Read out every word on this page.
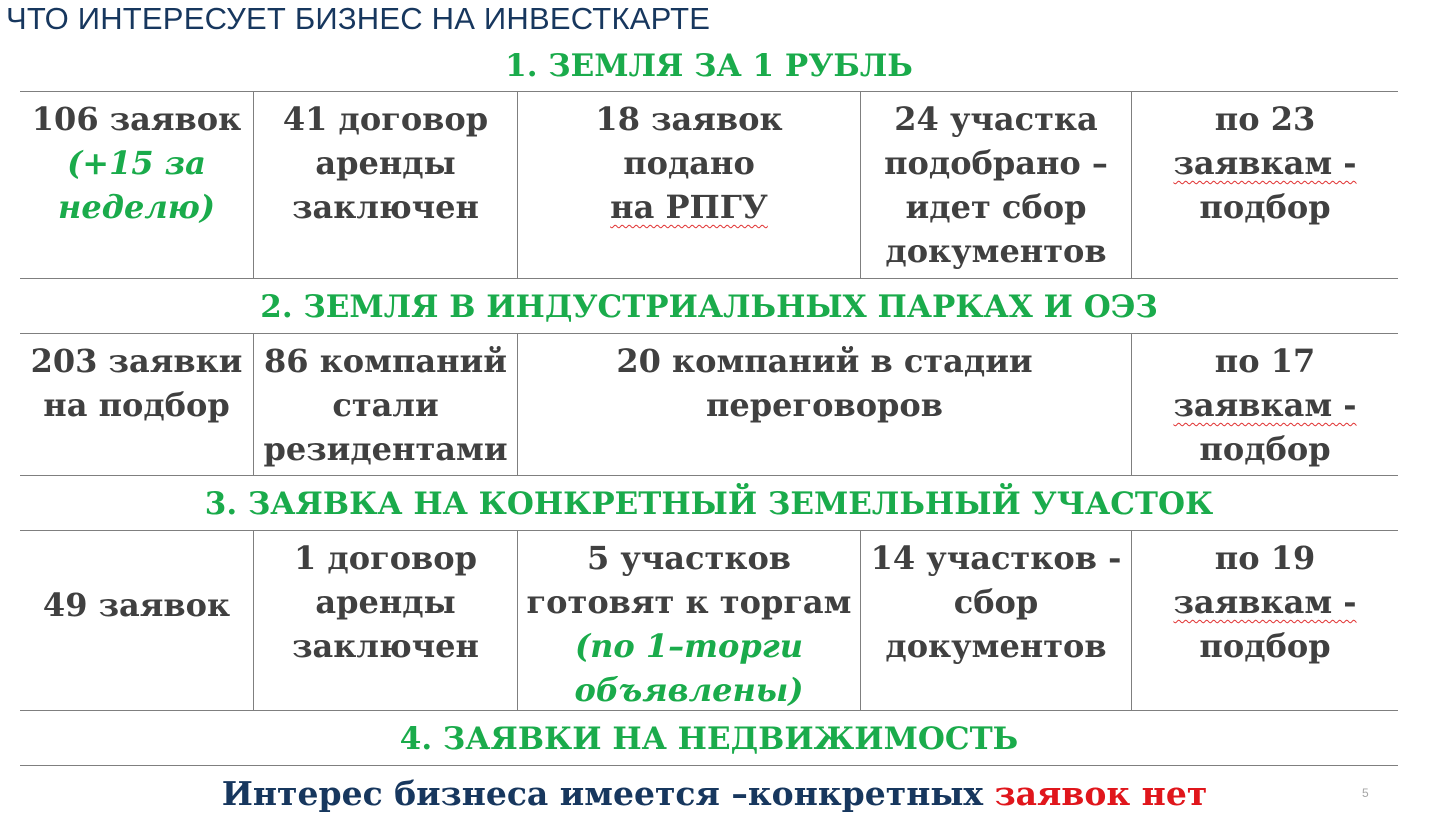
ЧТО ИНТЕРЕСУЕТ БИЗНЕС НА ИНВЕСТКАРТЕ
1. ЗЕМЛЯ ЗА 1 РУБЛЬ
2. ЗЕМЛЯ В ИНДУСТРИАЛЬНЫХ ПАРКАХ И ОЭЗ
3. ЗАЯВКА НА КОНКРЕТНЫЙ ЗЕМЕЛЬНЫЙ УЧАСТОК
4. ЗАЯВКИ НА НЕДВИЖИМОСТЬ
106 заявок
(+15 за
неделю)
41 договор
аренды
заключен
18 заявок
подано
на РПГУ
24 участка
подобрано –
идет сбор
документов
по 23
заявкам -
подбор
203 заявки
на подбор
86 компаний
стали
резидентами
20 компаний в стадии
переговоров
по 17
заявкам -
подбор
49 заявок
1 договор
аренды
заключен
5 участков
готовят к торгам
(по 1–торги
объявлены)
14 участков -
сбор
документов
по 19
заявкам -
подбор
Интерес бизнеса имеется –конкретных заявок нет	5
